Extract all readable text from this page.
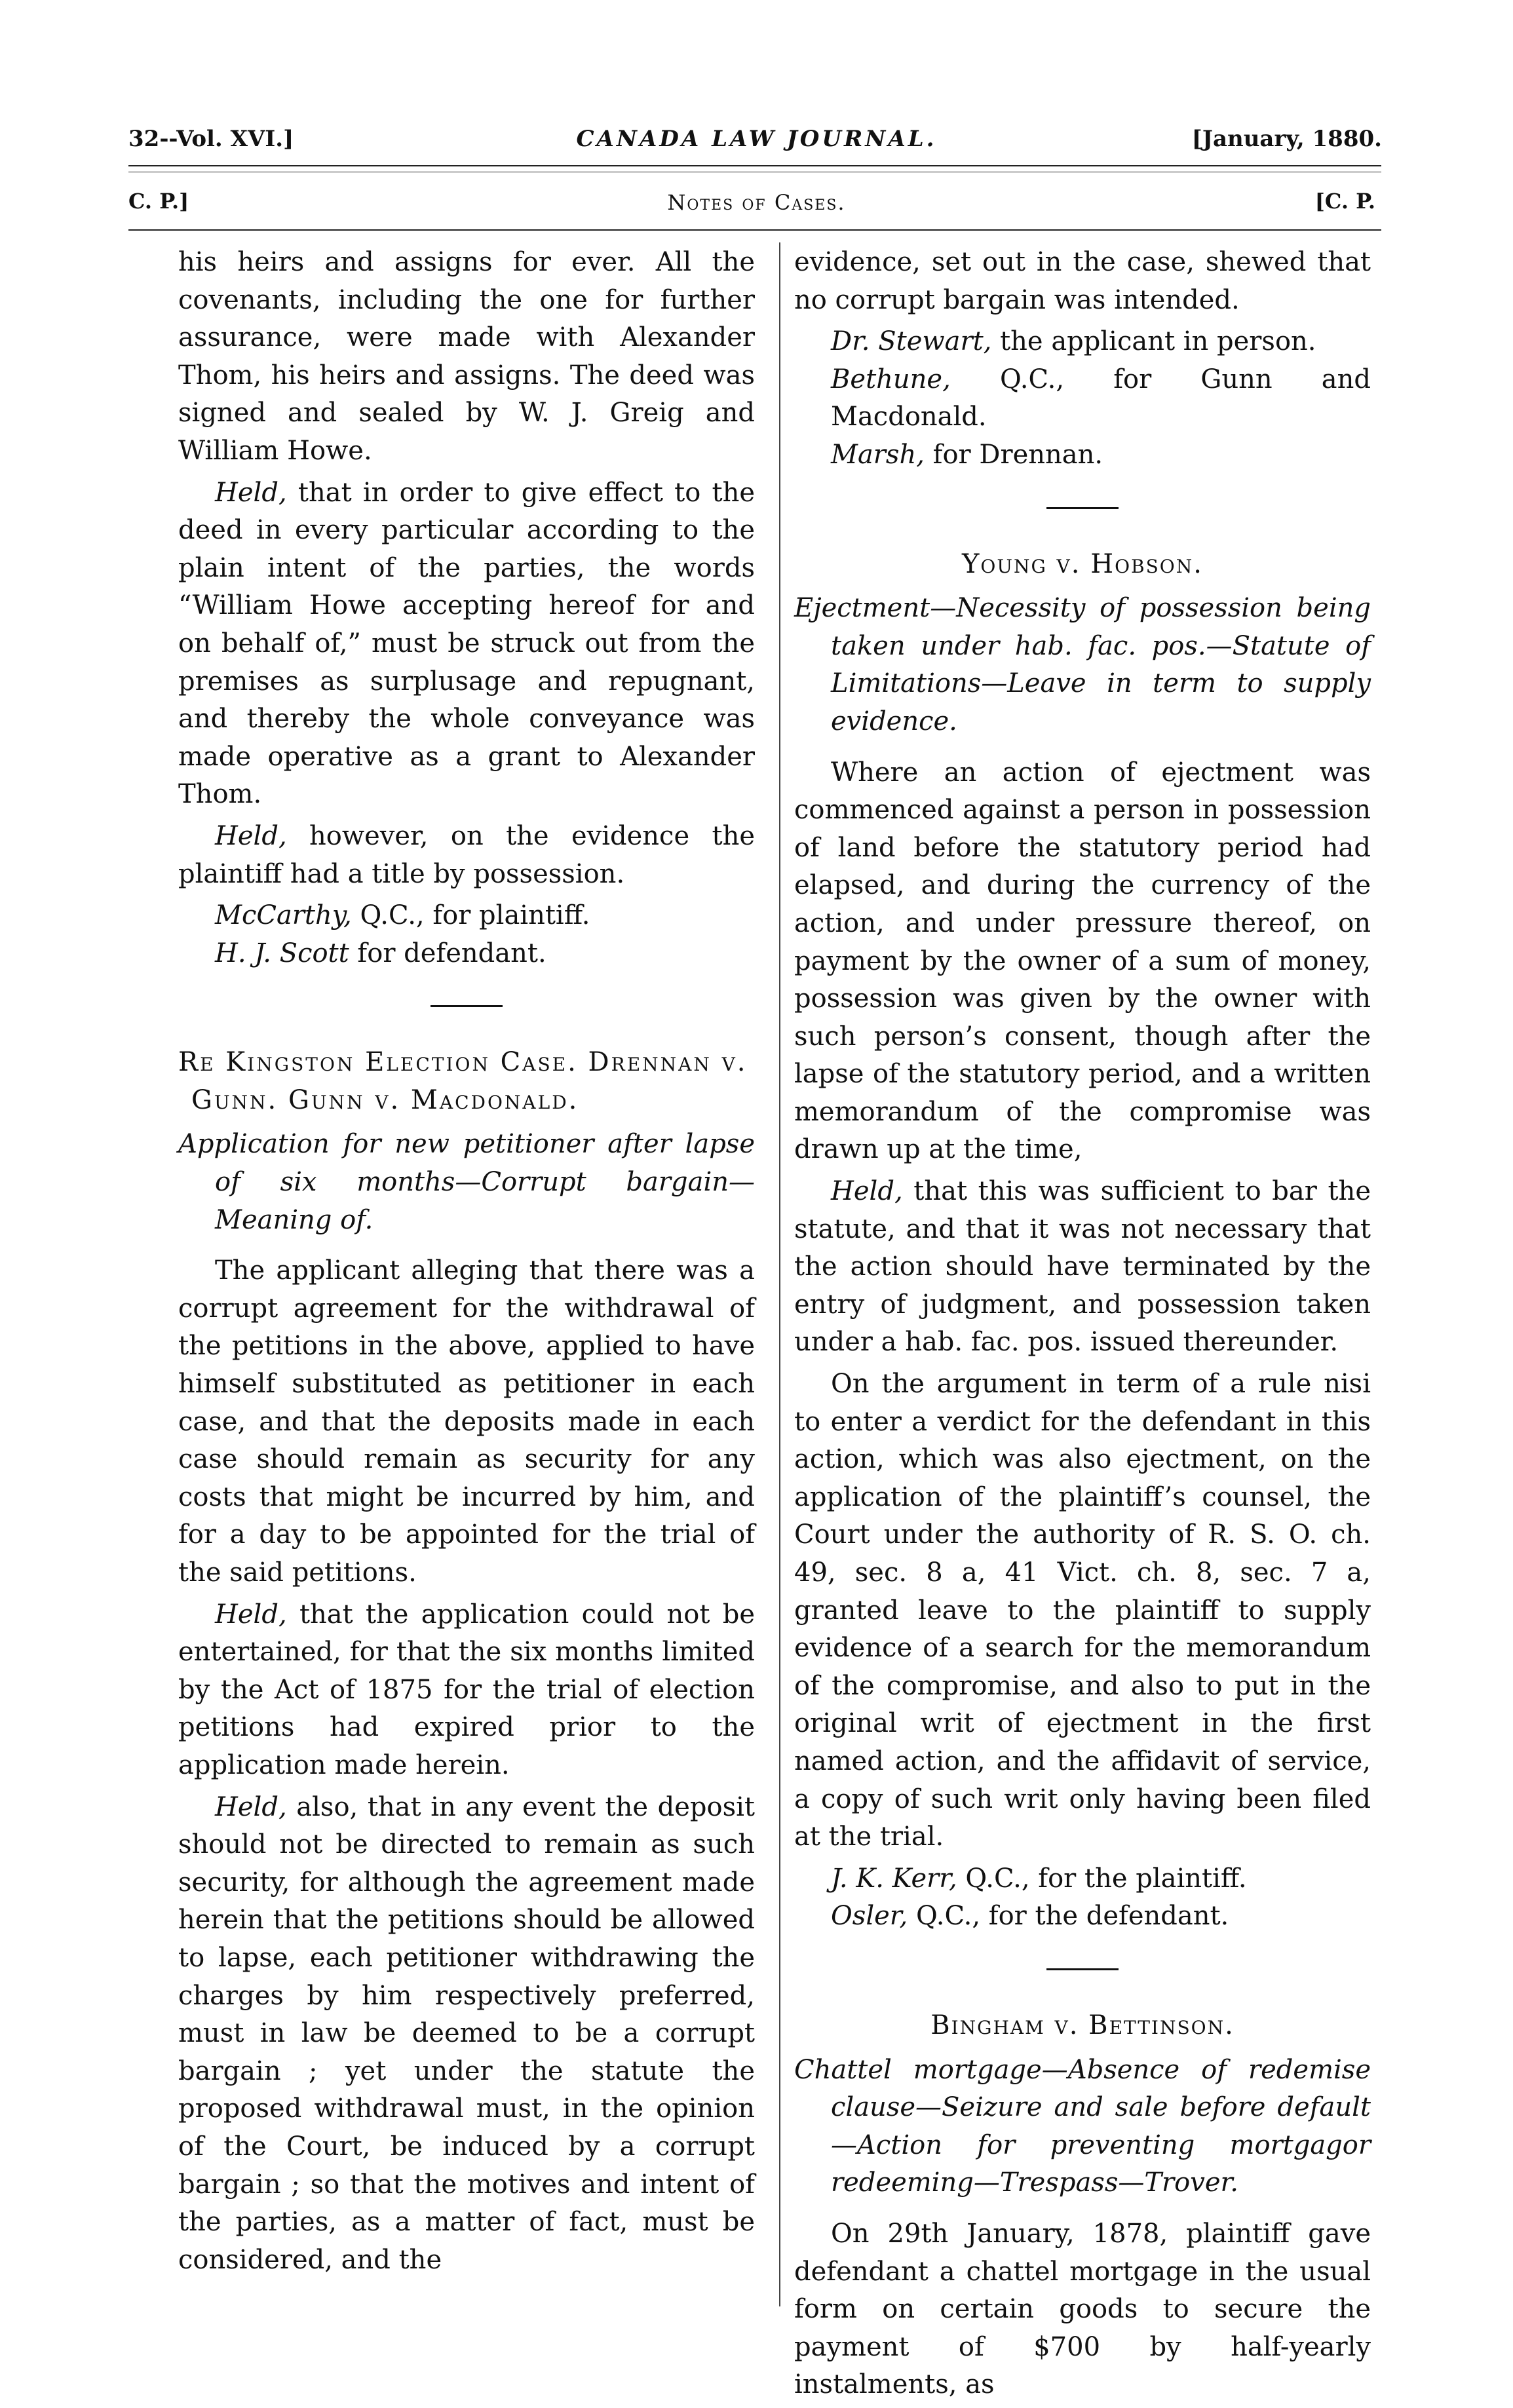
32--Vol. XVI.]	CANADA LAW JOURNAL.	[January, 1880.
C. P.]	Notes of Cases.	[C. P.

his heirs and assigns for ever. All the covenants, including the one for further assurance, were made with Alexander Thom, his heirs and assigns. The deed was signed and sealed by W. J. Greig and William Howe.

Held, that in order to give effect to the deed in every particular according to the plain intent of the parties, the words “William Howe accepting hereof for and on behalf of,” must be struck out from the premises as surplusage and repugnant, and thereby the whole conveyance was made operative as a grant to Alexander Thom.

Held, however, on the evidence the plaintiff had a title by possession.

McCarthy, Q.C., for plaintiff.

H. J. Scott for defendant.

Re Kingston Election Case. Drennan v. Gunn. Gunn v. Macdonald.

Application for new petitioner after lapse of six months—Corrupt bargain—Meaning of.

The applicant alleging that there was a corrupt agreement for the withdrawal of the petitions in the above, applied to have himself substituted as petitioner in each case, and that the deposits made in each case should remain as security for any costs that might be incurred by him, and for a day to be appointed for the trial of the said petitions.

Held, that the application could not be entertained, for that the six months limited by the Act of 1875 for the trial of election petitions had expired prior to the application made herein.

Held, also, that in any event the deposit should not be directed to remain as such security, for although the agreement made herein that the petitions should be allowed to lapse, each petitioner withdrawing the charges by him respectively preferred, must in law be deemed to be a corrupt bargain ; yet under the statute the proposed withdrawal must, in the opinion of the Court, be induced by a corrupt bargain ; so that the motives and intent of the parties, as a matter of fact, must be considered, and the

evidence, set out in the case, shewed that no corrupt bargain was intended.

Dr. Stewart, the applicant in person.

Bethune, Q.C., for Gunn and Macdonald.

Marsh, for Drennan.

Young v. Hobson.

Ejectment—Necessity of possession being taken under hab. fac. pos.—Statute of Limitations—Leave in term to supply evidence.

Where an action of ejectment was commenced against a person in possession of land before the statutory period had elapsed, and during the currency of the action, and under pressure thereof, on payment by the owner of a sum of money, possession was given by the owner with such person’s consent, though after the lapse of the statutory period, and a written memorandum of the compromise was drawn up at the time,

Held, that this was sufficient to bar the statute, and that it was not necessary that the action should have terminated by the entry of judgment, and possession taken under a hab. fac. pos. issued thereunder.

On the argument in term of a rule nisi to enter a verdict for the defendant in this action, which was also ejectment, on the application of the plaintiff’s counsel, the Court under the authority of R. S. O. ch. 49, sec. 8 a, 41 Vict. ch. 8, sec. 7 a, granted leave to the plaintiff to supply evidence of a search for the memorandum of the compromise, and also to put in the original writ of ejectment in the first named action, and the affidavit of service, a copy of such writ only having been filed at the trial.

J. K. Kerr, Q.C., for the plaintiff.

Osler, Q.C., for the defendant.

Bingham v. Bettinson.

Chattel mortgage—Absence of redemise clause—Seizure and sale before default—Action for preventing mortgagor redeeming—Trespass—Trover.

On 29th January, 1878, plaintiff gave defendant a chattel mortgage in the usual form on certain goods to secure the payment of $700 by half-yearly instalments, as
